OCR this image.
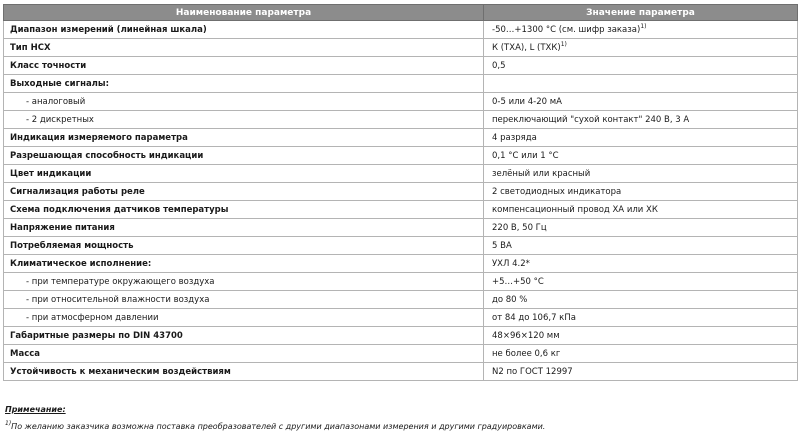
Наименование параметра	Значение параметра
Диапазон измерений (линейная шкала)	-50…+1300 °С (см. шифр заказа)$^{1)}$
Тип НСХ	К (ТХА), L (ТХК)$^{1)}$
Класс точности	0,5
Выходные сигналы:	
- аналоговый	0-5 или 4-20 мА
- 2 дискретных	переключающий "сухой контакт" 240 В, 3 А
Индикация измеряемого параметра	4 разряда
Разрешающая способность индикации	0,1 °С или 1 °С
Цвет индикации	зелёный или красный
Сигнализация работы реле	2 светодиодных индикатора
Схема подключения датчиков температуры	компенсационный провод ХА или ХК
Напряжение питания	220 В, 50 Гц
Потребляемая мощность	5 ВА
Климатическое исполнение:	УХЛ 4.2*
- при температуре окружающего воздуха	+5…+50 °С
- при относительной влажности воздуха	до 80 %
- при атмосферном давлении	от 84 до 106,7 кПа
Габаритные размеры по DIN 43700	48×96×120 мм
Масса	не более 0,6 кг
Устойчивость к механическим воздействиям	N2 по ГОСТ 12997
Примечание:
$^{1)}$По желанию заказчика возможна поставка преобразователей с другими диапазонами измерения и другими градуировками.
